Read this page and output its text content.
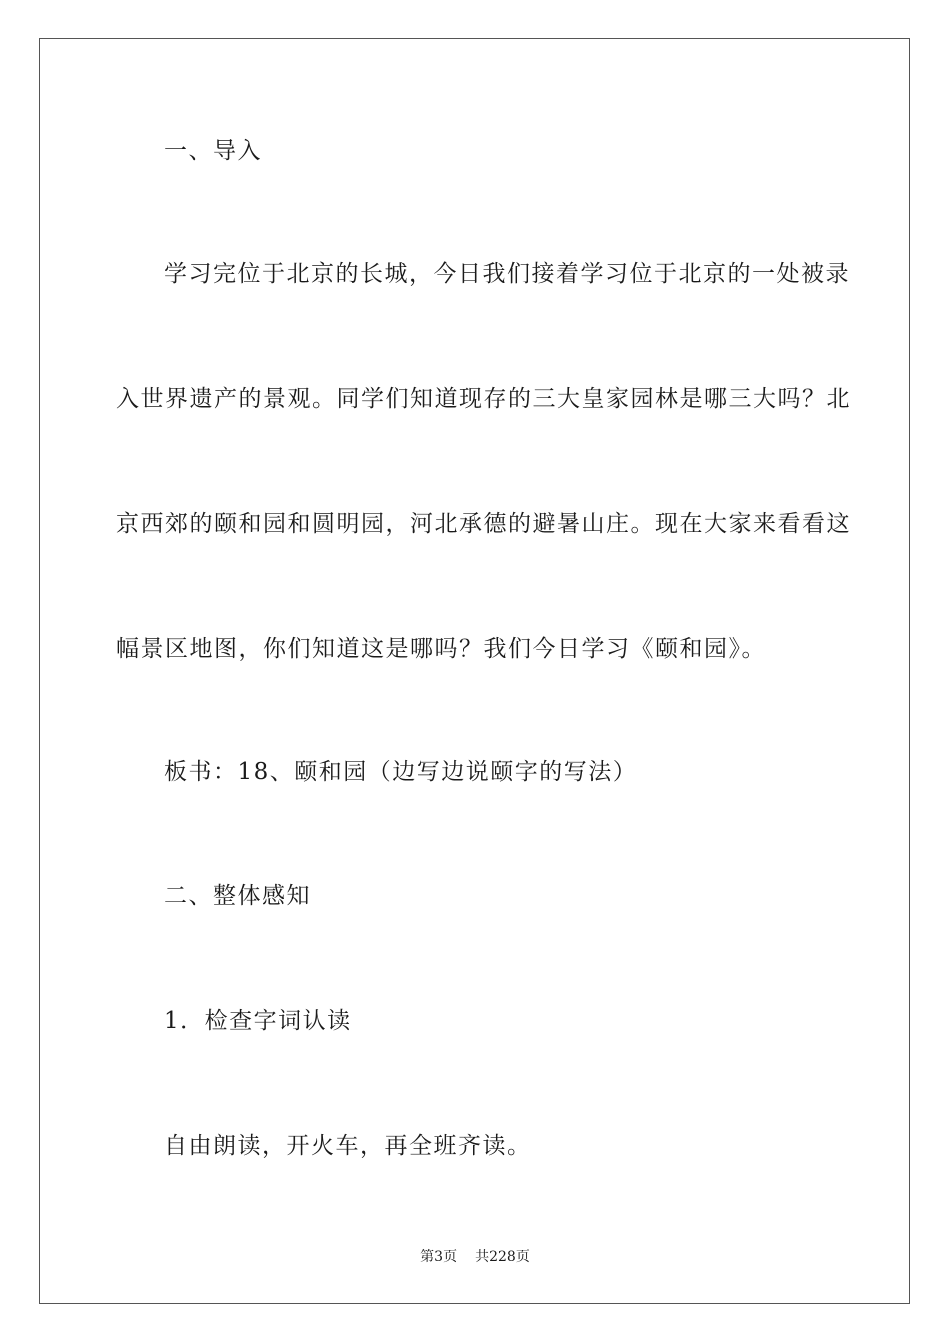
一、导入
学习完位于北京的长城，今日我们接着学习位于北京的一处被录
入世界遗产的景观。同学们知道现存的三大皇家园林是哪三大吗？北
京西郊的颐和园和圆明园，河北承德的避暑山庄。现在大家来看看这
幅景区地图，你们知道这是哪吗？我们今日学习《颐和园》。
板书：18、颐和园（边写边说颐字的写法）
二、整体感知
1．检查字词认读
自由朗读，开火车，再全班齐读。
第3页 共228页
